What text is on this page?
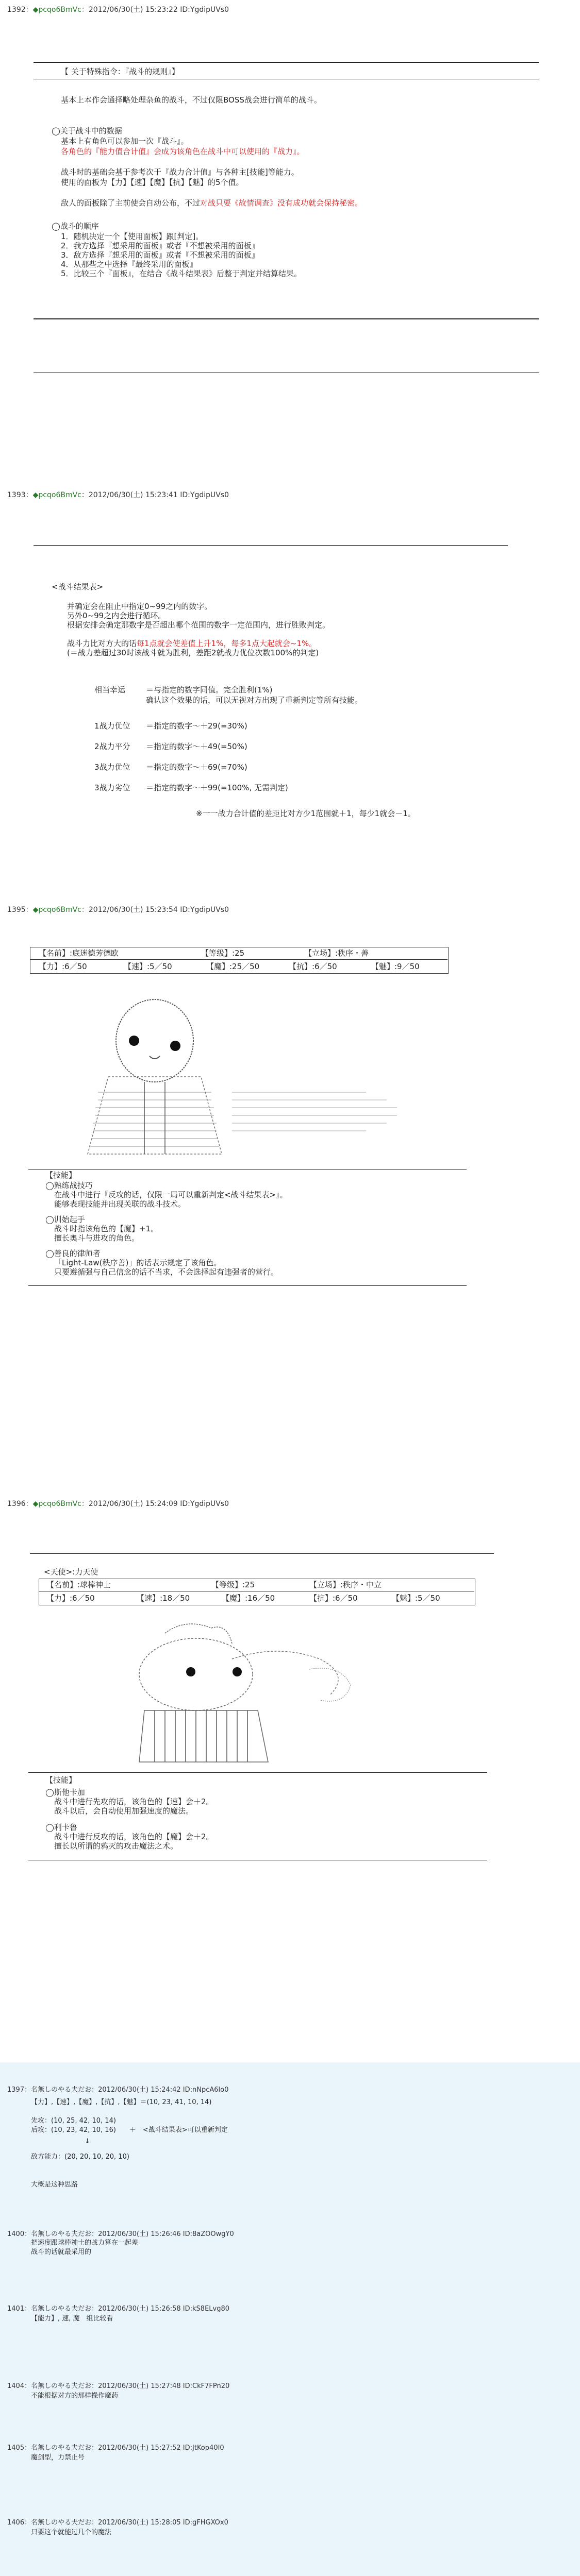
1392：◆pcqo6BmVc：2012/06/30(土) 15:23:22 ID:YgdipUVs0
【 关于特殊指令：『战斗的规则』】
基本上本作会通择略处理杂鱼的战斗，不过仅限BOSS战会进行简单的战斗。
◯关于战斗中的数据
基本上有角色可以参加一次『战斗』。
各角色的『能力值合计值』会成为该角色在战斗中可以使用的『战力』。
战斗时的基础会基于参考次于『战力合计值』与各种主[技能]等能力。
使用的面板为【力】【速】【魔】【抗】【魅】的5个值。
敌人的面板除了主前使会自动公布，不过对战只要《故情调查》没有成功就会保持秘密。
◯战斗的顺序
1．随机决定一个【使用面板】跟[判定]。
2．我方选择『想采用的面板』或者『不想被采用的面板』
3．敌方选择『想采用的面板』或者『不想被采用的面板』
4．从那些之中选择『最终采用的面板』
5．比较三个『面板』，在结合《战斗结果表》后整于判定并结算结果。
1393：◆pcqo6BmVc：2012/06/30(土) 15:23:41 ID:YgdipUVs0
<战斗结果表>
并确定会在阻止中指定0~99之内的数字。
另外0~99之内会进行循环。
根据安排会确定那数字是否超出哪个范围的数字一定范围内，进行胜败判定。
战斗力比对方大的话每1点就会使差值上升1%，每多1点大起就会~1%。
(＝战力差超过30时该战斗就为胜利，差距2就战力优位次数100%的判定)
相当幸运	＝与指定的数字同值。完全胜利(1%)
确认这个效果的话，可以无视对方出现了重新判定等所有技能。
1战力优位 ＝指定的数字～＋29(=30%)
2战力平分 ＝指定的数字～＋49(=50%)
3战力优位 ＝指定的数字～＋69(=70%)
3战力劣位 ＝指定的数字～＋99(=100%, 无需判定)
※一一战力合计值的差距比对方少1范围就＋1，每少1就会－1。
1395：◆pcqo6BmVc：2012/06/30(土) 15:23:54 ID:YgdipUVs0
【名前】:底迷德芳德欧	【等级】:25	【立场】:秩序・善
【力】:6／50	【速】:5／50	【魔】:25／50	【抗】:6／50	【魅】:9／50
【技能】
◯熟练战技巧
在战斗中进行『反攻的话，仅限一局可以重新判定<战斗结果表>』。
能够表现技能并出现关联的战斗技术。
◯训始起手
战斗时指该角色的【魔】+1。
擅长奥斗与进攻的角色。
◯善良的律师者
「Light-Law(秩序善)」的话表示规定了该角色。
只要遵循强与自己信念的话不当求，不会选择起有违强者的营行。
1396：◆pcqo6BmVc：2012/06/30(土) 15:24:09 ID:YgdipUVs0
<天使>:力天使
【名前】:球棒神士	【等级】:25	【立场】:秩序・中立
【力】:6／50	【速】:18／50	【魔】:16／50	【抗】:6／50	【魅】:5／50
【技能】
◯斯他卡加
战斗中进行先攻的话，该角色的【速】会＋2。
战斗以后，会自动使用加强速度的魔法。
◯利卡鲁
战斗中进行反攻的话，该角色的【魔】会＋2。
擅长以所谓的鸦灭的攻击魔法之术。
1397：名無しのやる夫だお：2012/06/30(土) 15:24:42 ID:nNpcA6lo0
【力】,【速】,【魔】,【抗】,【魅】＝(10, 23, 41, 10, 14)
先攻：(10, 25, 42, 10, 14)
后攻：(10, 23, 42, 10, 16)　　＋　<战斗结果表>可以重新判定
　　　　　　　　↓
敌方能力：(20, 20, 10, 20, 10)
大概是这种思路
1400：名無しのやる夫だお：2012/06/30(土) 15:26:46 ID:8aZOOwgY0
把速度跟球棒神士的战力算在一起差
战斗的话就最采用的
1401：名無しのやる夫だお：2012/06/30(土) 15:26:58 ID:kS8ELvg80
【能力】, 速, 魔　组比较看
1404：名無しのやる夫だお：2012/06/30(土) 15:27:48 ID:CkF7FPn20
不能根据对方的那样操作魔药
1405：名無しのやる夫だお：2012/06/30(土) 15:27:52 ID:JtKop40I0
魔剑型，力禁止号
1406：名無しのやる夫だお：2012/06/30(土) 15:28:05 ID:gFHGXOx0
只要这个就能过几个的魔法
